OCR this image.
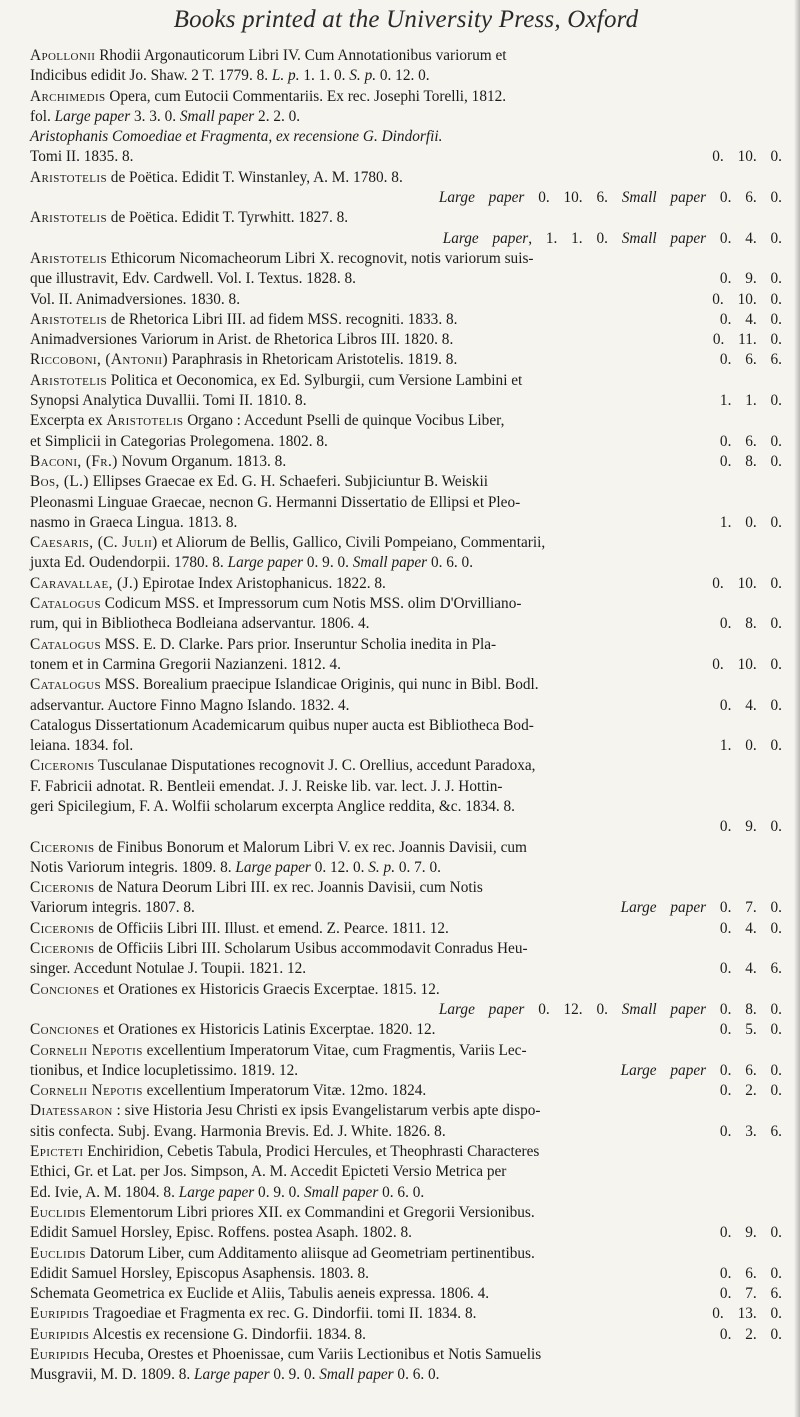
Books printed at the University Press, Oxford
Apollonii Rhodii Argonauticorum Libri IV. Cum Annotationibus variorum et
Indicibus edidit Jo. Shaw. 2 T. 1779. 8. L. p. 1. 1. 0. S. p. 0. 12. 0.
Archimedis Opera, cum Eutocii Commentariis. Ex rec. Josephi Torelli, 1812.
fol. Large paper 3. 3. 0. Small paper 2. 2. 0.
Aristophanis Comoediae et Fragmenta, ex recensione G. Dindorfii.
Tomi II. 1835. 8.	0. 10. 0.
Aristotelis de Poëtica. Edidit T. Winstanley, A. M. 1780. 8.
Large paper 0. 10. 6. Small paper 0. 6. 0.
Aristotelis de Poëtica. Edidit T. Tyrwhitt. 1827. 8.
Large paper, 1. 1. 0. Small paper 0. 4. 0.
Aristotelis Ethicorum Nicomacheorum Libri X. recognovit, notis variorum suis-
que illustravit, Edv. Cardwell. Vol. I. Textus. 1828. 8.	0. 9. 0.
Vol. II. Animadversiones. 1830. 8.	0. 10. 0.
Aristotelis de Rhetorica Libri III. ad fidem MSS. recogniti. 1833. 8.	0. 4. 0.
Animadversiones Variorum in Arist. de Rhetorica Libros III. 1820. 8.	0. 11. 0.
Riccoboni, (Antonii) Paraphrasis in Rhetoricam Aristotelis. 1819. 8.	0. 6. 6.
Aristotelis Politica et Oeconomica, ex Ed. Sylburgii, cum Versione Lambini et
Synopsi Analytica Duvallii. Tomi II. 1810. 8.	1. 1. 0.
Excerpta ex Aristotelis Organo : Accedunt Pselli de quinque Vocibus Liber,
et Simplicii in Categorias Prolegomena. 1802. 8.	0. 6. 0.
Baconi, (Fr.) Novum Organum. 1813. 8.	0. 8. 0.
Bos, (L.) Ellipses Graecae ex Ed. G. H. Schaeferi. Subjiciuntur B. Weiskii
Pleonasmi Linguae Graecae, necnon G. Hermanni Dissertatio de Ellipsi et Pleo-
nasmo in Graeca Lingua. 1813. 8.	1. 0. 0.
Caesaris, (C. Julii) et Aliorum de Bellis, Gallico, Civili Pompeiano, Commentarii,
juxta Ed. Oudendorpii. 1780. 8. Large paper 0. 9. 0. Small paper 0. 6. 0.
Caravallae, (J.) Epirotae Index Aristophanicus. 1822. 8.	0. 10. 0.
Catalogus Codicum MSS. et Impressorum cum Notis MSS. olim D'Orvilliano-
rum, qui in Bibliotheca Bodleiana adservantur. 1806. 4.	0. 8. 0.
Catalogus MSS. E. D. Clarke. Pars prior. Inseruntur Scholia inedita in Pla-
tonem et in Carmina Gregorii Nazianzeni. 1812. 4.	0. 10. 0.
Catalogus MSS. Borealium praecipue Islandicae Originis, qui nunc in Bibl. Bodl.
adservantur. Auctore Finno Magno Islando. 1832. 4.	0. 4. 0.
Catalogus Dissertationum Academicarum quibus nuper aucta est Bibliotheca Bod-
leiana. 1834. fol.	1. 0. 0.
Ciceronis Tusculanae Disputationes recognovit J. C. Orellius, accedunt Paradoxa,
F. Fabricii adnotat. R. Bentleii emendat. J. J. Reiske lib. var. lect. J. J. Hottin-
geri Spicilegium, F. A. Wolfii scholarum excerpta Anglice reddita, &c. 1834. 8.
0. 9. 0.
Ciceronis de Finibus Bonorum et Malorum Libri V. ex rec. Joannis Davisii, cum
Notis Variorum integris. 1809. 8. Large paper 0. 12. 0. S. p. 0. 7. 0.
Ciceronis de Natura Deorum Libri III. ex rec. Joannis Davisii, cum Notis
Variorum integris. 1807. 8.	Large paper 0. 7. 0.
Ciceronis de Officiis Libri III. Illust. et emend. Z. Pearce. 1811. 12.	0. 4. 0.
Ciceronis de Officiis Libri III. Scholarum Usibus accommodavit Conradus Heu-
singer. Accedunt Notulae J. Toupii. 1821. 12.	0. 4. 6.
Conciones et Orationes ex Historicis Graecis Excerptae. 1815. 12.
Large paper 0. 12. 0. Small paper 0. 8. 0.
Conciones et Orationes ex Historicis Latinis Excerptae. 1820. 12.	0. 5. 0.
Cornelii Nepotis excellentium Imperatorum Vitae, cum Fragmentis, Variis Lec-
tionibus, et Indice locupletissimo. 1819. 12.	Large paper 0. 6. 0.
Cornelii Nepotis excellentium Imperatorum Vitæ. 12mo. 1824.	0. 2. 0.
Diatessaron : sive Historia Jesu Christi ex ipsis Evangelistarum verbis apte dispo-
sitis confecta. Subj. Evang. Harmonia Brevis. Ed. J. White. 1826. 8.	0. 3. 6.
Epicteti Enchiridion, Cebetis Tabula, Prodici Hercules, et Theophrasti Characteres
Ethici, Gr. et Lat. per Jos. Simpson, A. M. Accedit Epicteti Versio Metrica per
Ed. Ivie, A. M. 1804. 8. Large paper 0. 9. 0. Small paper 0. 6. 0.
Euclidis Elementorum Libri priores XII. ex Commandini et Gregorii Versionibus.
Edidit Samuel Horsley, Episc. Roffens. postea Asaph. 1802. 8.	0. 9. 0.
Euclidis Datorum Liber, cum Additamento aliisque ad Geometriam pertinentibus.
Edidit Samuel Horsley, Episcopus Asaphensis. 1803. 8.	0. 6. 0.
Schemata Geometrica ex Euclide et Aliis, Tabulis aeneis expressa. 1806. 4.	0. 7. 6.
Euripidis Tragoediae et Fragmenta ex rec. G. Dindorfii. tomi II. 1834. 8.	0. 13. 0.
Euripidis Alcestis ex recensione G. Dindorfii. 1834. 8.	0. 2. 0.
Euripidis Hecuba, Orestes et Phoenissae, cum Variis Lectionibus et Notis Samuelis
Musgravii, M. D. 1809. 8. Large paper 0. 9. 0. Small paper 0. 6. 0.
